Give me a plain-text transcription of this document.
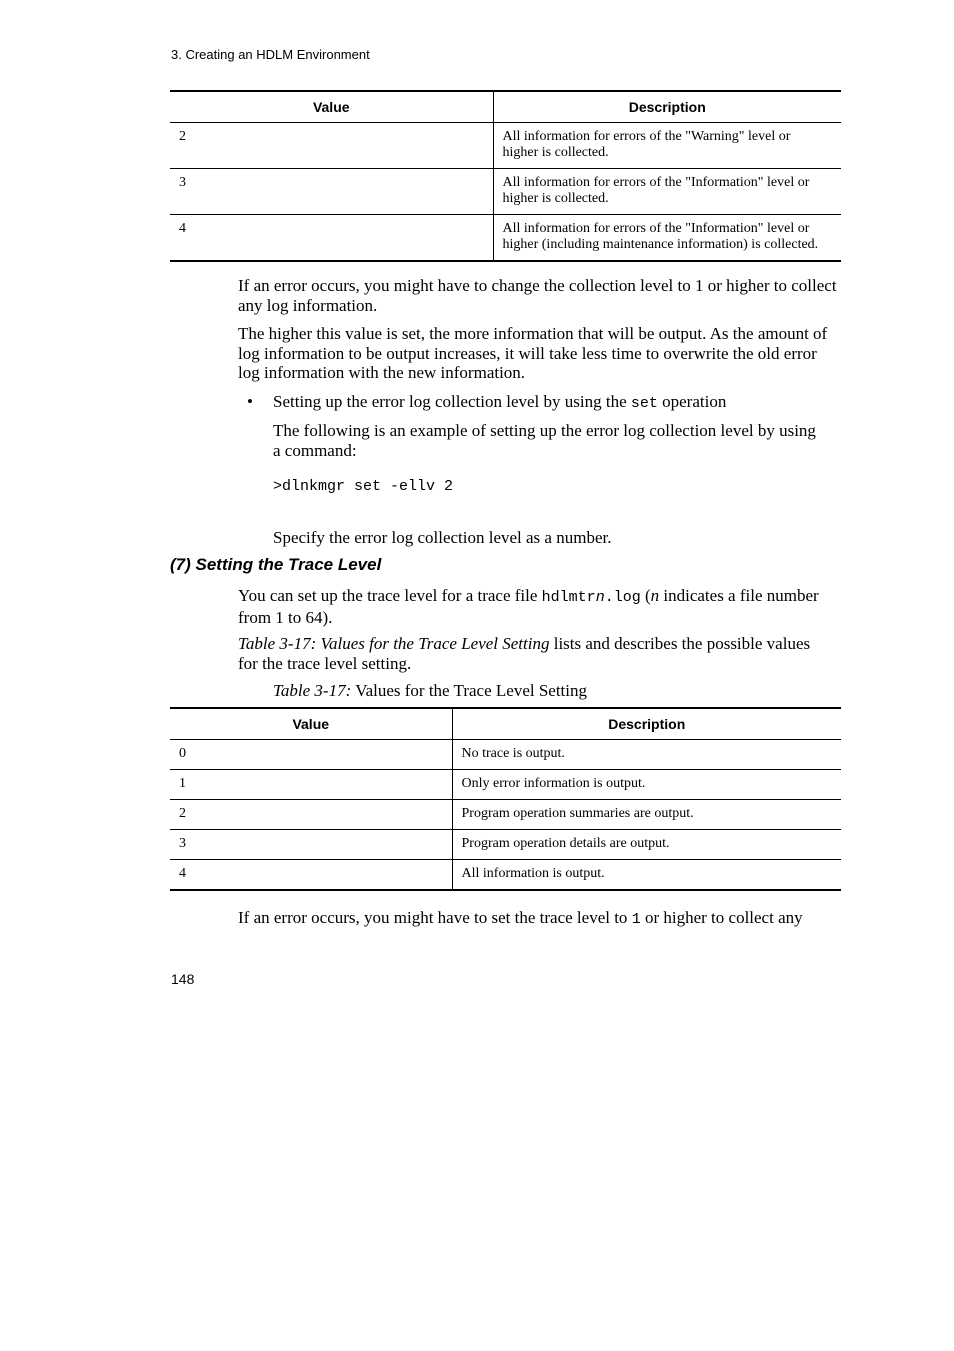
3. Creating an HDLM Environment
Value	Description
2	All information for errors of the "Warning" level or
higher is collected.
3	All information for errors of the "Information" level or
higher is collected.
4	All information for errors of the "Information" level or
higher (including maintenance information) is collected.
If an error occurs, you might have to change the collection level to 1 or higher to collect
any log information.
The higher this value is set, the more information that will be output. As the amount of
log information to be output increases, it will take less time to overwrite the old error
log information with the new information.
• Setting up the error log collection level by using the set operation
The following is an example of setting up the error log collection level by using
a command:
>dlnkmgr set -ellv 2
Specify the error log collection level as a number.
(7) Setting the Trace Level
You can set up the trace level for a trace file hdlmtrn.log (n indicates a file number
from 1 to 64).
Table 3-17: Values for the Trace Level Setting lists and describes the possible values
for the trace level setting.
Table 3-17: Values for the Trace Level Setting
Value	Description
0	No trace is output.
1	Only error information is output.
2	Program operation summaries are output.
3	Program operation details are output.
4	All information is output.
If an error occurs, you might have to set the trace level to 1 or higher to collect any
148
